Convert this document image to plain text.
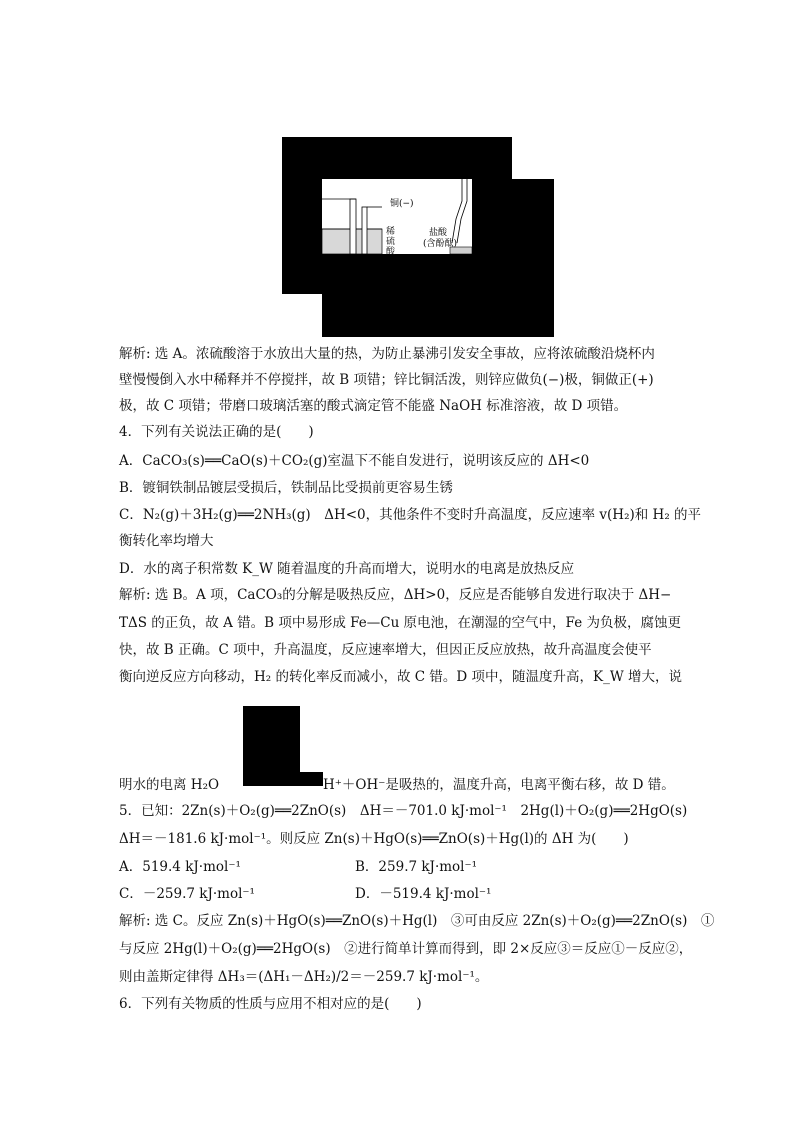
铜(−)
稀
硫
酸
盐酸
(含酚酞)
解析: 选 A。浓硫酸溶于水放出大量的热，为防止暴沸引发安全事故，应将浓硫酸沿烧杯内
壁慢慢倒入水中稀释并不停搅拌，故 B 项错；锌比铜活泼，则锌应做负(−)极，铜做正(+)
极，故 C 项错；带磨口玻璃活塞的酸式滴定管不能盛 NaOH 标准溶液，故 D 项错。
4．下列有关说法正确的是(　　)
A．CaCO₃(s)══CaO(s)＋CO₂(g)室温下不能自发进行，说明该反应的 ΔH<0
B．镀铜铁制品镀层受损后，铁制品比受损前更容易生锈
C．N₂(g)＋3H₂(g)══2NH₃(g)　ΔH<0，其他条件不变时升高温度，反应速率 v(H₂)和 H₂ 的平
衡转化率均增大
D．水的离子积常数 K_W 随着温度的升高而增大，说明水的电离是放热反应
解析: 选 B。A 项，CaCO₃的分解是吸热反应，ΔH>0，反应是否能够自发进行取决于 ΔH−
TΔS 的正负，故 A 错。B 项中易形成 Fe—Cu 原电池，在潮湿的空气中，Fe 为负极，腐蚀更
快，故 B 正确。C 项中，升高温度，反应速率增大，但因正反应放热，故升高温度会使平
衡向逆反应方向移动，H₂ 的转化率反而减小，故 C 错。D 项中，随温度升高，K_W 增大，说
明水的电离 H₂O	H⁺＋OH⁻是吸热的，温度升高，电离平衡右移，故 D 错。
5．已知：2Zn(s)＋O₂(g)══2ZnO(s)　ΔH＝－701.0 kJ·mol⁻¹　2Hg(l)＋O₂(g)══2HgO(s)
ΔH＝－181.6 kJ·mol⁻¹。则反应 Zn(s)＋HgO(s)══ZnO(s)＋Hg(l)的 ΔH 为(　　)
A．519.4 kJ·mol⁻¹	B．259.7 kJ·mol⁻¹
C．－259.7 kJ·mol⁻¹	D．－519.4 kJ·mol⁻¹
解析: 选 C。反应 Zn(s)＋HgO(s)══ZnO(s)＋Hg(l)　③可由反应 2Zn(s)＋O₂(g)══2ZnO(s)　①
与反应 2Hg(l)＋O₂(g)══2HgO(s)　②进行简单计算而得到，即 2×反应③＝反应①－反应②，
则由盖斯定律得 ΔH₃＝(ΔH₁－ΔH₂)/2＝－259.7 kJ·mol⁻¹。
6．下列有关物质的性质与应用不相对应的是(　　)
